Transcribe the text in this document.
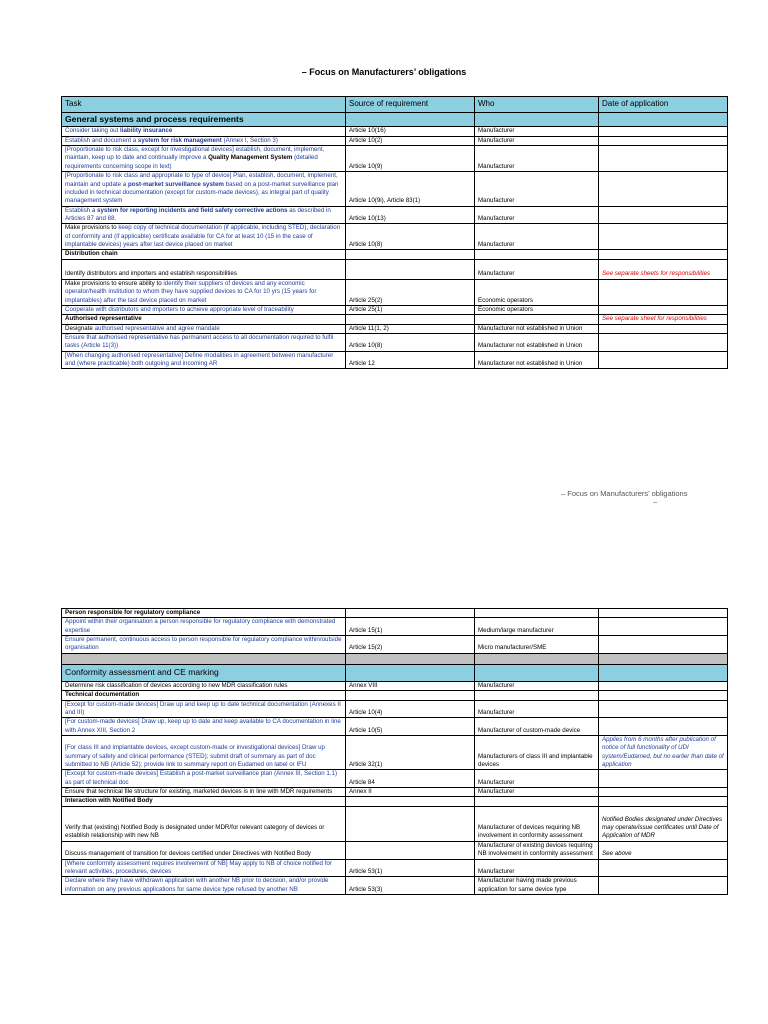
– Focus on Manufacturers’ obligations
Task	Source of requirement	Who	Date of application
General systems and process requirements			
Consider taking out liability insurance	Article 10(16)	Manufacturer	
Establish and document a system for risk management (Annex I, Section 3)	Article 10(2)	Manufacturer	
[Proportionate to risk class, except for investigational devices] establish, document, implement, maintain, keep up to date and continually improve a Quality Management System (detailed requirements concerning scope in text)	Article 10(9)	Manufacturer	
[Proportionate to risk class and appropriate to type of device] Plan, establish, document, implement, maintain and update a post-market surveillance system based on a post-market surveillance plan included in technical documentation (except for custom-made devices), as integral part of quality management system	Article 10(9i), Article 83(1)	Manufacturer	
Establish a system for reporting incidents and field safety corrective actions as described in Articles 87 and 88.	Article 10(13)	Manufacturer	
Make provisions to keep copy of technical documentation (if applicable, including STED), declaration of conformity and (if applicable) certificate available for CA for at least 10 (15 in the case of implantable devices) years after last device placed on market	Article 10(8)	Manufacturer	
Distribution chain			
Identify distributors and importers and establish responsibilities		Manufacturer	See separate sheets for responsibilities
Make provisions to ensure ability to identify their suppliers of devices and any economic operator/health institution to whom they have supplied devices to CA for 10 yrs (15 years for implantables) after the last device placed on market	Article 25(2)	Economic operators	
Cooperate with distributors and importers to achieve appropriate level of traceability	Article 25(1)	Economic operators	
Authorised representative			See separate sheet for responsibilities
Designate authorised representative and agree mandate	Article 11(1, 2)	Manufacturer not established in Union	
Ensure that authorised representative has permanent access to all documentation required to fulfil tasks (Article 11(3))	Article 10(8)	Manufacturer not established in Union	
[When changing authorised representative] Define modalities in agreement between manufacturer and (where practicable) both outgoing and incoming AR	Article 12	Manufacturer not established in Union	
– Focus on Manufacturers’ obligations
–
Person responsible for regulatory compliance			
Appoint within their organisation a person responsible for regulatory compliance with demonstrated expertise	Article 15(1)	Medium/large manufacturer	
Ensure permanent, continuous access to person responsible for regulatory compliance within/outside organisation	Article 15(2)	Micro manufacturer/SME	

Conformity assessment and CE marking			
Determine risk classification of devices according to new MDR classification rules	Annex VIII	Manufacturer	
Technical documentation			
[Except for custom-made devices] Draw up and keep up to date technical documentation (Annexes II and III)	Article 10(4)	Manufacturer	
[For custom-made devices] Draw up, keep up to date and keep available to CA documentation in line with Annex XIII, Section 2	Article 10(5)	Manufacturer of custom-made device	
[For class III and implantable devices, except custom-made or investigational devices] Draw up summary of safety and clinical performance (STED); submit draft of summary as part of doc submitted to NB (Article 52); provide link to summary report on Eudamed on label or IFU	Article 32(1)	Manufacturers of class III and implantable devices	Applies from 6 months after publication of notice of full functionality of UDI system/Eudamed, but no earlier than date of application
[Except for custom-made devices] Establish a post-market surveillance plan (Annex III, Section 1.1) as part of technical doc	Article 84	Manufacturer	
Ensure that technical file structure for existing, marketed devices is in line with MDR requirements	Annex II	Manufacturer	
Interaction with Notified Body			
Verify that (existing) Notified Body is designated under MDR/for relevant category of devices or establish relationship with new NB		Manufacturer of devices requiring NB involvement in conformity assessment	Notified Bodies designated under Directives may operate/issue certificates until Date of Application of MDR
Discuss management of transition for devices certified under Directives with Notified Body		Manufacturer of existing devices requiring NB involvement in conformity assessment	See above
[Where conformity assessment requires involvement of NB] May apply to NB of choice notified for relevant activities, procedures, devices	Article 53(1)	Manufacturer	
Declare where they have withdrawn application with another NB prior to decision, and/or provide information on any previous applications for same device type refused by another NB	Article 53(3)	Manufacturer having made previous application for same device type	
